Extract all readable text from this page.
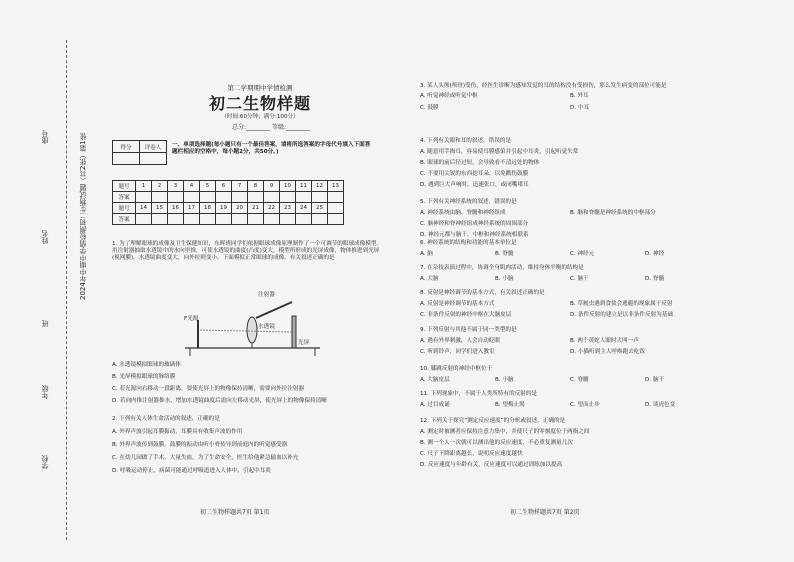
2024年中期中学情检测初二生物试题（共2张）第1张
座号
姓名
班
年级
学校
第二学期期中学情检测
初二生物样题
（时间:60分钟；满分:100分）
总分:________ 等级:________
得分	评卷人
	一、单项选择题(每小题只有一个最佳答案，请将所选答案的字母代号填入下面答题栏相应的空格中，每小题2分，共50分。)
题号	1	2	3	4	5	6	7	8	9	10	11	12	13
答案													
题号	14	15	16	17	18	19	20	21	22	23	24	25	
答案													

1. 为了理解眼球的成像及卫生保健知识，东晖班同学们依据眼球成像原理制作了一个可调节的眼球成像模型。用注射器抽取水透镜中的水向里推，可使水透镜的曲度(凸度)变大。模型所形成的光屏成像，物体推进到光屏(视网膜)，水透镜曲度变大，向外拉则变小。下面模拟正常眼球的成像。有关叙述正确的是

注射器
F光源
水透镜
光屏

A. 水透镜模拟眼球的玻璃体

B. 光屏模拟眼球的脉络膜

C. 若光源向右移动一段距离，要使光屏上的物像保持清晰，需要向外拉注射器

D. 若向内推注射器推水，增加水透镜曲度后需向左移动光屏，使光屏上的物像保持清晰

2. 下列有关人体生命活动的叙述，正确的是

A. 外界声波引起耳膜振动，耳膜具有收集声波的作用

B. 外界声波传到鼓膜，鼓膜的振动由听小骨传导到前庭内的听觉感受器

C. 在幼儿园做了手术，大量失血，为了生命安全，医生给他紧急输血以补充

D. 呼吸运动停止，病菌可能通过呼吸道进入人体中，引起中耳炎

初二生物样题共7页 第1页

3. 某人头颅(颅骨)受伤，经医生诊断为感知发觉的耳的结构没有受损伤，那么发生病变的部位可能是

A. 听觉神经或听觉中枢	B. 外耳
C. 鼓膜	D. 中耳

4. 下列有关眼和耳的叙述，错误的是

A. 随意用手掏耳，容易使耳膜感染并引起中耳炎，引起听觉失常

B. 眼球的前后径过短，会导致看不清远处的物体

C. 不要用尖锐的东西挖耳朵，以免戳伤鼓膜

D. 遇到巨大声响时，迅速张口，或闭嘴堵耳

5. 下列有关神经系统的叙述，错误的是

A. 神经系统由脑、脊髓和神经组成	B. 脑和脊髓是神经系统的中枢部分

C. 脑神经和脊神经组成神经系统的周围部分

D. 神经元都与脑干，中枢和神经系统相联系

6. 神经系统的结构和功能的基本单位是

A. 脑	B. 脊髓	C. 神经元	D. 神经

7. 在杂技表演过程中，协调全身肌肉活动，维持身体平衡的结构是

A. 大脑	B. 小脑	C. 脑干	D. 脊髓

8. 反射是神经调节的基本方式，有关叙述正确的是

A. 反射是神经调节的基本方式	B. 草履虫遇到食盐会逃避的现象属于反射
C. 非条件反射的神经中枢在大脑皮层	D. 条件反射的建立是以非条件反射为基础

9. 下列反射与其他不属于同一类型的是

A. 遇有外界刺激，人会自动眨眼	B. 两个黄蛇人眼时大叫一声
C. 听到铃声，同学们进入教室	D. 小猫听到主人呼唤跑去吃饭

10. 膝跳反射的神经中枢位于

A. 大脑皮层	B. 小脑	C. 脊髓	D. 脑干

11. 下列现象中，不属于人类所特有的反射的是

A. 过目成诵	B. 望梅止渴	C. 望而止步	D. 谈虎色变

12. 下列关于探究“测定反应速度”的分析或叙述，正确的是

A. 测定时被测者应保持注意力集中，并使尺子的零刻度位于两指之间

B. 测一个人一次就可以测出他的反应速度，不必重复测量几次

C. 尺子下降距离越长，说明反应速度越快

D. 反应速度与年龄有关，反应速度可以通过训练加以提高

初二生物样题共7页 第2页
